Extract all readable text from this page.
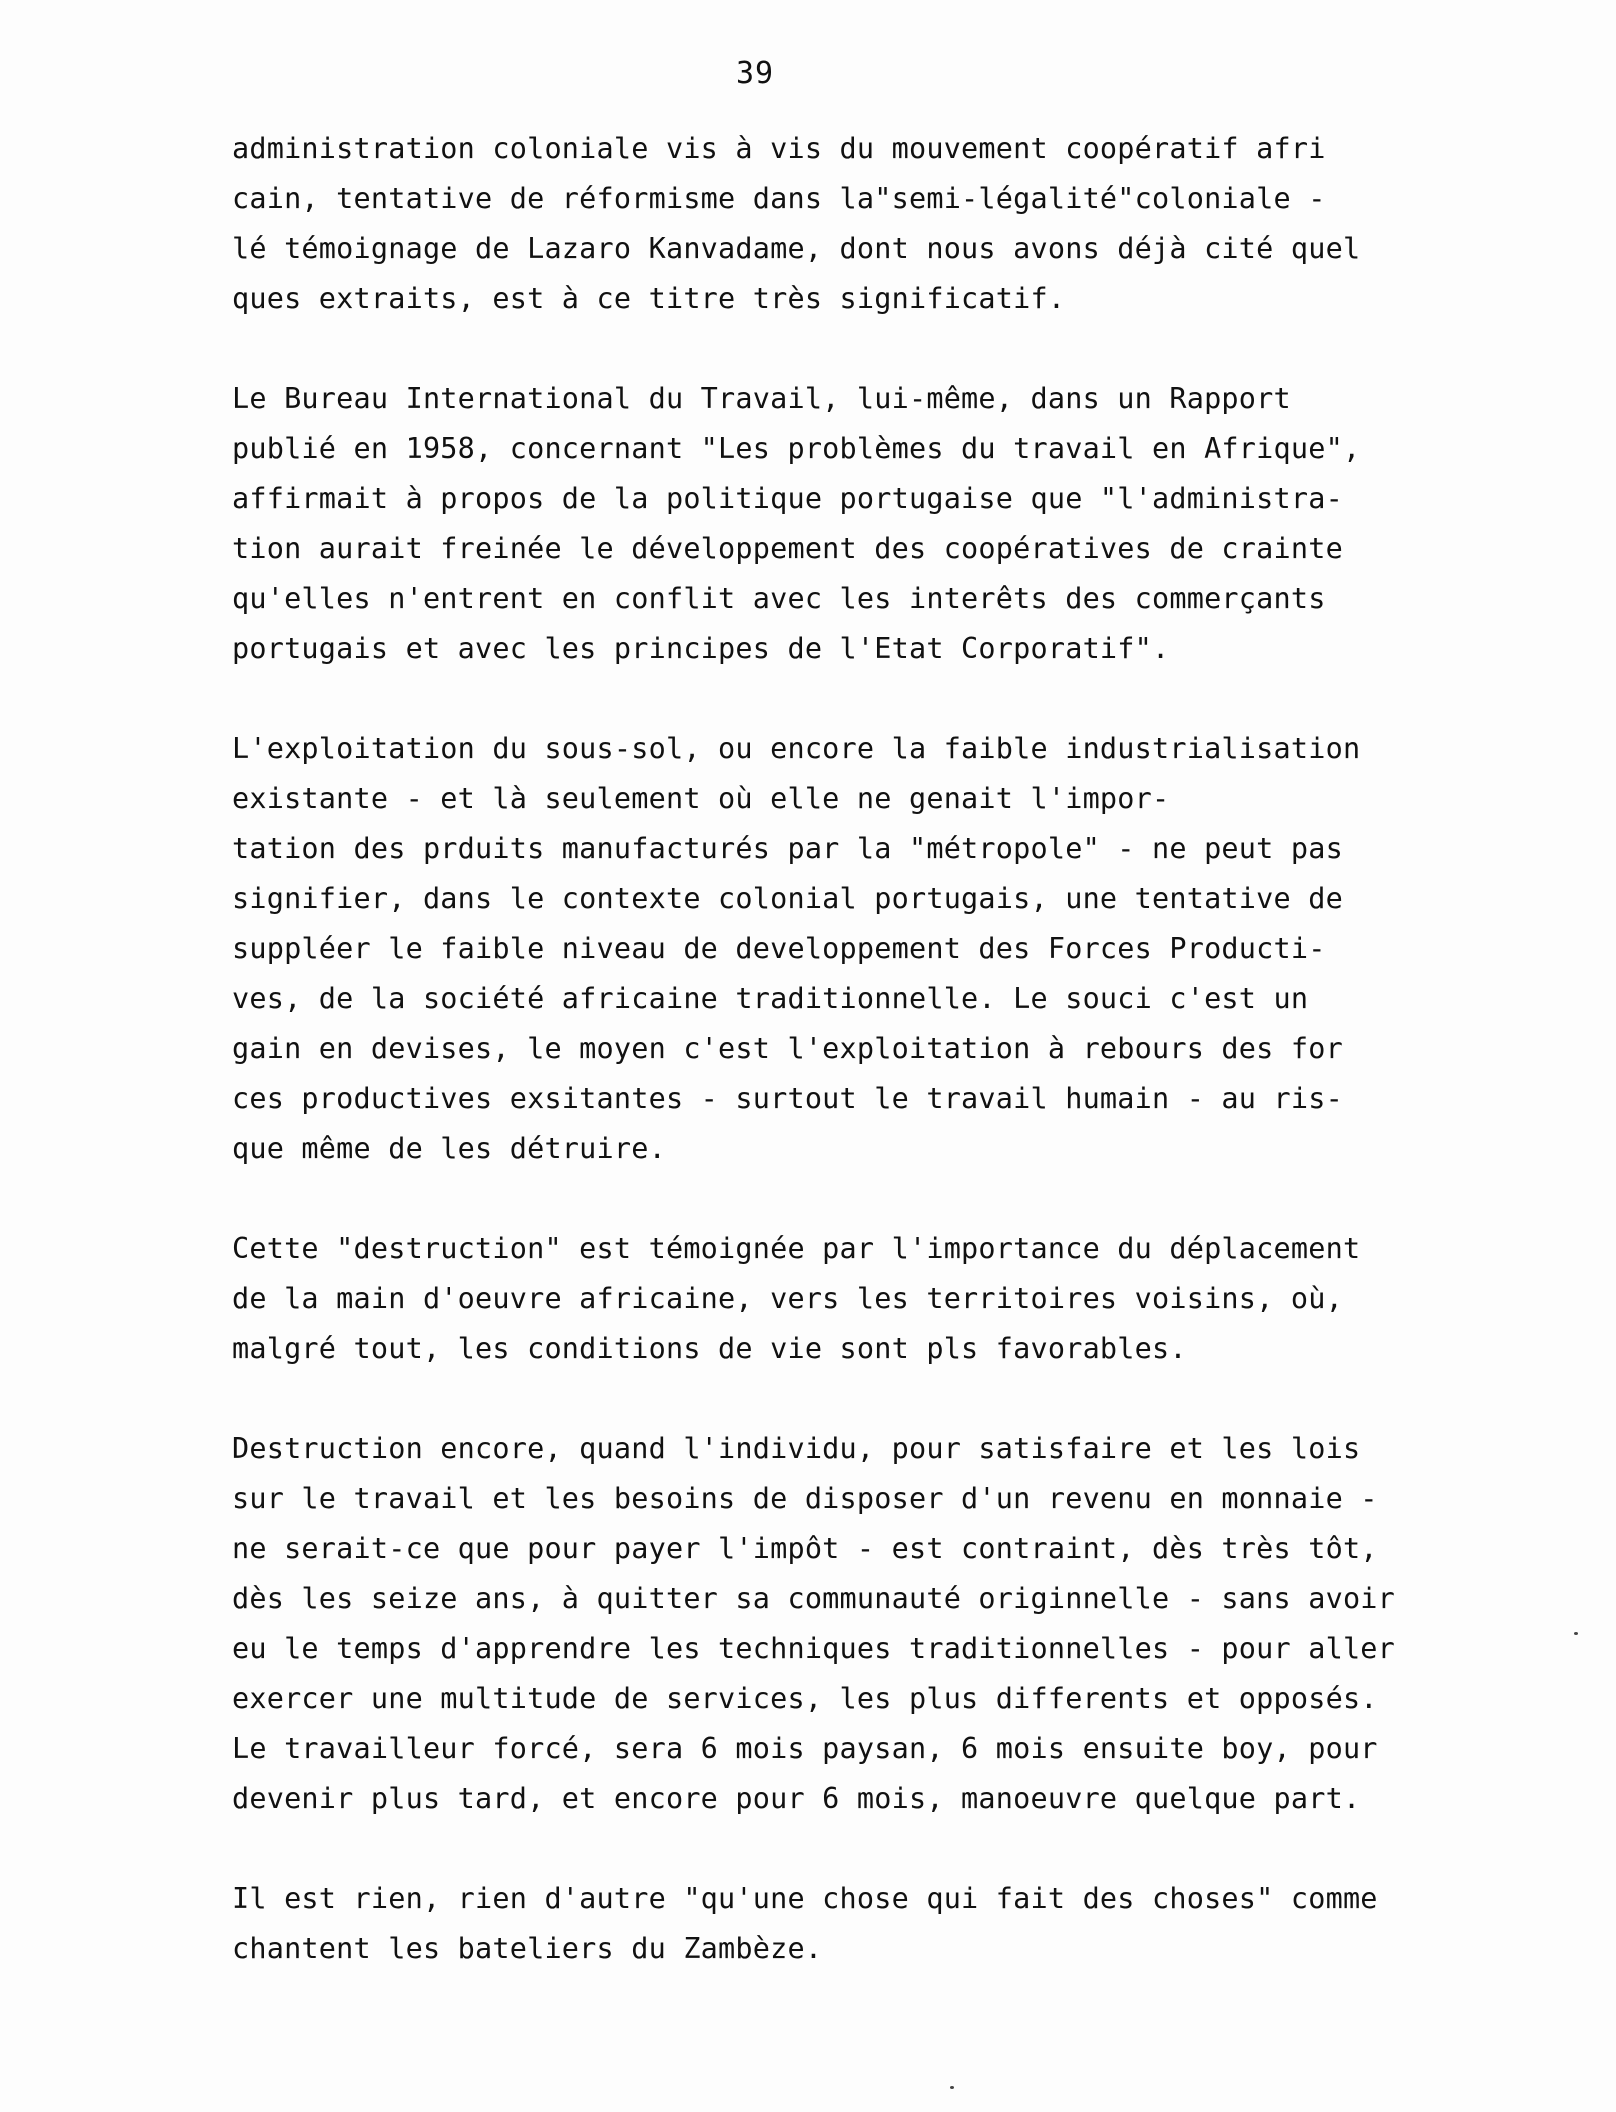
39
administration coloniale vis à vis du mouvement coopératif afri
cain, tentative de réformisme dans la"semi-légalité"coloniale -
lé témoignage de Lazaro Kanvadame, dont nous avons déjà cité quel
ques extraits, est à ce titre très significatif.
Le Bureau International du Travail, lui-même, dans un Rapport
publié en 1958, concernant "Les problèmes du travail en Afrique",
affirmait à propos de la politique portugaise que "l'administra-
tion aurait freinée le développement des coopératives de crainte
qu'elles n'entrent en conflit avec les interêts des commerçants
portugais et avec les principes de l'Etat Corporatif".
L'exploitation du sous-sol, ou encore la faible industrialisation
existante - et là seulement où elle ne genait l'impor-
tation des prduits manufacturés par la "métropole" - ne peut pas
signifier, dans le contexte colonial portugais, une tentative de
suppléer le faible niveau de developpement des Forces Producti-
ves, de la société africaine traditionnelle. Le souci c'est un
gain en devises, le moyen c'est l'exploitation à rebours des for
ces productives exsitantes - surtout le travail humain - au ris-
que même de les détruire.
Cette "destruction" est témoignée par l'importance du déplacement
de la main d'oeuvre africaine, vers les territoires voisins, où,
malgré tout, les conditions de vie sont pls favorables.
Destruction encore, quand l'individu, pour satisfaire et les lois
sur le travail et les besoins de disposer d'un revenu en monnaie -
ne serait-ce que pour payer l'impôt - est contraint, dès très tôt,
dès les seize ans, à quitter sa communauté originnelle - sans avoir
eu le temps d'apprendre les techniques traditionnelles - pour aller
exercer une multitude de services, les plus differents et opposés.
Le travailleur forcé, sera 6 mois paysan, 6 mois ensuite boy, pour
devenir plus tard, et encore pour 6 mois, manoeuvre quelque part.
Il est rien, rien d'autre "qu'une chose qui fait des choses" comme
chantent les bateliers du Zambèze.
